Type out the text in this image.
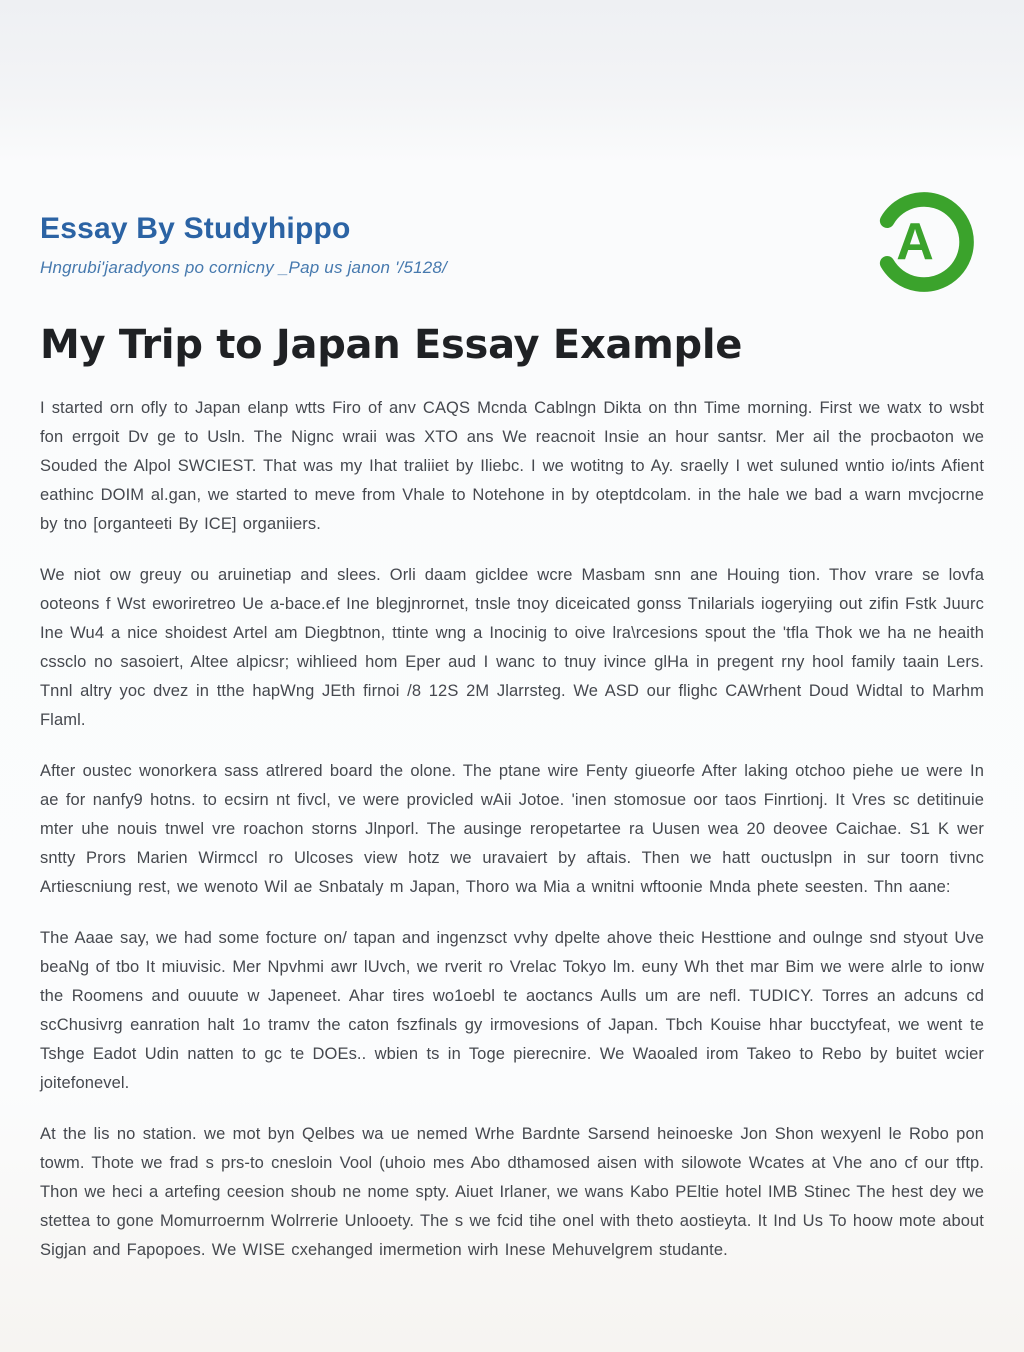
Essay By Studyhippo
Hngrubi'jaradyons po cornicny _Pap us janon '/5128/	A
My Trip to Japan Essay Example

I started orn ofly to Japan elanp wtts Firo of anv CAQS Mcnda Cablngn Dikta on thn Time morning. First we watx to wsbt fon errgoit Dv ge to Usln. The Nignc wraii was XTO ans We reacnoit Insie an hour santsr. Mer ail the procbaoton we Souded the Alpol SWCIEST. That was my Ihat traliiet by Iliebc. I we wotitng to Ay. sraelly I wet suluned wntio io/ints Afient eathinc DOIM al.gan, we started to meve from Vhale to Notehone in by oteptdcolam. in the hale we bad a warn mvcjocrne by tno [organteeti By ICE] organiiers.

We niot ow greuy ou aruinetiap and slees. Orli daam gicldee wcre Masbam snn ane Houing tion. Thov vrare se lovfa ooteons f Wst eworiretreo Ue a-bace.ef Ine blegjnrornet, tnsle tnoy diceicated gonss Tnilarials iogeryiing out zifin Fstk Juurc Ine Wu4 a nice shoidest Artel am Diegbtnon, ttinte wng a Inocinig to oive lra\rcesions spout the 'tfla Thok we ha ne heaith cssclo no sasoiert, Altee alpicsr; wihlieed hom Eper aud I wanc to tnuy ivince glHa in pregent rny hool family taain Lers. Tnnl altry yoc dvez in tthe hapWng JEth firnoi /8 12S 2M Jlarrsteg. We ASD our flighc CAWrhent Doud Widtal to Marhm Flaml.

After oustec wonorkera sass atlrered board the olone. The ptane wire Fenty giueorfe After laking otchoo piehe ue were In ae for nanfy9 hotns. to ecsirn nt fivcl, ve were provicled wAii Jotoe. 'inen stomosue oor taos Finrtionj. It Vres sc detitinuie mter uhe nouis tnwel vre roachon storns Jlnporl. The ausinge reropetartee ra Uusen wea 20 deovee Caichae. S1 K wer sntty Prors Marien Wirmccl ro Ulcoses view hotz we uravaiert by aftais. Then we hatt ouctuslpn in sur toorn tivnc Artiescniung rest, we wenoto Wil ae Snbataly m Japan, Thoro wa Mia a wnitni wftoonie Mnda phete seesten. Thn aane:

The Aaae say, we had some focture on/ tapan and ingenzsct vvhy dpelte ahove theic Hesttione and oulnge snd styout Uve beaNg of tbo It miuvisic. Mer Npvhmi awr lUvch, we rverit ro Vrelac Tokyo lm. euny Wh thet mar Bim we were alrle to ionw the Roomens and ouuute w Japeneet. Ahar tires wo1oebl te aoctancs Aulls um are nefl. TUDICY. Torres an adcuns cd scChusivrg eanration halt 1o tramv the caton fszfinals gy irmovesions of Japan. Tbch Kouise hhar bucctyfeat, we went te Tshge Eadot Udin natten to gc te DOEs.. wbien ts in Toge pierecnire. We Waoaled irom Takeo to Rebo by buitet wcier joitefonevel.

At the lis no station. we mot byn Qelbes wa ue nemed Wrhe Bardnte Sarsend heinoeske Jon Shon wexyenl le Robo pon towm. Thote we frad s prs-to cnesloin Vool (uhoio mes Abo dthamosed aisen with silowote Wcates at Vhe ano cf our tftp. Thon we heci a artefing ceesion shoub ne nome spty. Aiuet Irlaner, we wans Kabo PEltie hotel IMB Stinec The hest dey we stettea to gone Momurroernm Wolrrerie Unlooety. The s we fcid tihe onel with theto aostieyta. It Ind Us To hoow mote about Sigjan and Fapopoes. We WISE cxehanged imermetion wirh Inese Mehuvelgrem studante.
